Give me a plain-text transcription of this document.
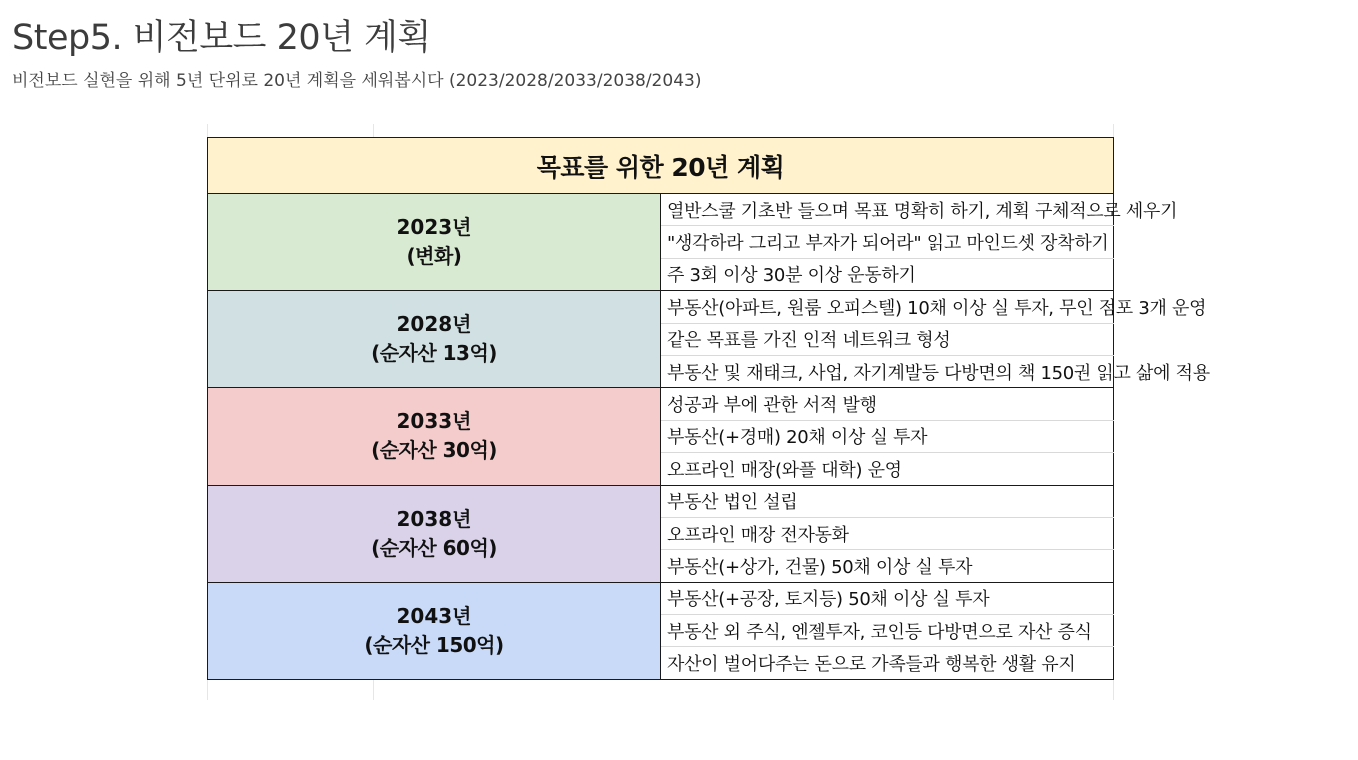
Step5. 비전보드 20년 계획
비전보드 실현을 위해 5년 단위로 20년 계획을 세워봅시다 (2023/2028/2033/2038/2043)
목표를 위한 20년 계획	

2023년
(변화)	열반스쿨 기초반 들으며 목표 명확히 하기, 계획 구체적으로 세우기
	"생각하라 그리고 부자가 되어라" 읽고 마인드셋 장착하기
	주 3회 이상 30분 이상 운동하기

2028년
(순자산 13억)	부동산(아파트, 원룸 오피스텔) 10채 이상 실 투자, 무인 점포 3개 운영
	같은 목표를 가진 인적 네트워크 형성
	부동산 및 재태크, 사업, 자기계발등 다방면의 책 150권 읽고 삶에 적용

2033년
(순자산 30억)	성공과 부에 관한 서적 발행
	부동산(+경매) 20채 이상 실 투자
	오프라인 매장(와플 대학) 운영

2038년
(순자산 60억)	부동산 법인 설립
	오프라인 매장 전자동화
	부동산(+상가, 건물) 50채 이상 실 투자

2043년
(순자산 150억)	부동산(+공장, 토지등) 50채 이상 실 투자
	부동산 외 주식, 엔젤투자, 코인등 다방면으로 자산 증식
	자산이 벌어다주는 돈으로 가족들과 행복한 생활 유지
